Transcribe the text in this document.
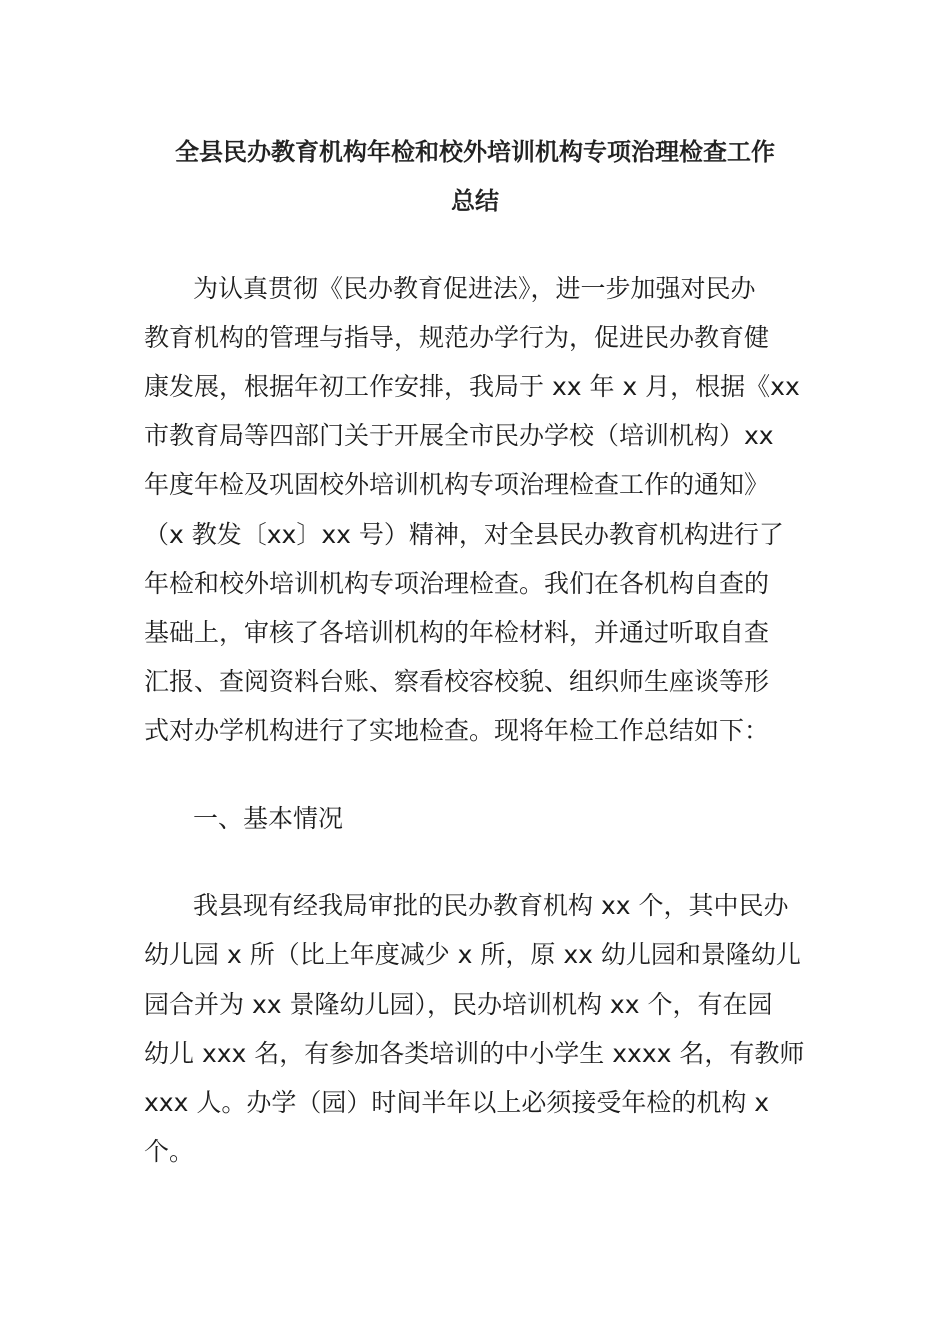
全县民办教育机构年检和校外培训机构专项治理检查工作
总结
为认真贯彻《民办教育促进法》，进一步加强对民办
教育机构的管理与指导，规范办学行为，促进民办教育健
康发展，根据年初工作安排，我局于 xx 年 x 月，根据《xx
市教育局等四部门关于开展全市民办学校（培训机构）xx
年度年检及巩固校外培训机构专项治理检查工作的通知》
（x 教发〔xx〕xx 号）精神，对全县民办教育机构进行了
年检和校外培训机构专项治理检查。我们在各机构自查的
基础上，审核了各培训机构的年检材料，并通过听取自查
汇报、查阅资料台账、察看校容校貌、组织师生座谈等形
式对办学机构进行了实地检查。现将年检工作总结如下：
一、基本情况
我县现有经我局审批的民办教育机构 xx 个，其中民办
幼儿园 x 所（比上年度减少 x 所，原 xx 幼儿园和景隆幼儿
园合并为 xx 景隆幼儿园），民办培训机构 xx 个，有在园
幼儿 xxx 名，有参加各类培训的中小学生 xxxx 名，有教师
xxx 人。办学（园）时间半年以上必须接受年检的机构 x
个。
